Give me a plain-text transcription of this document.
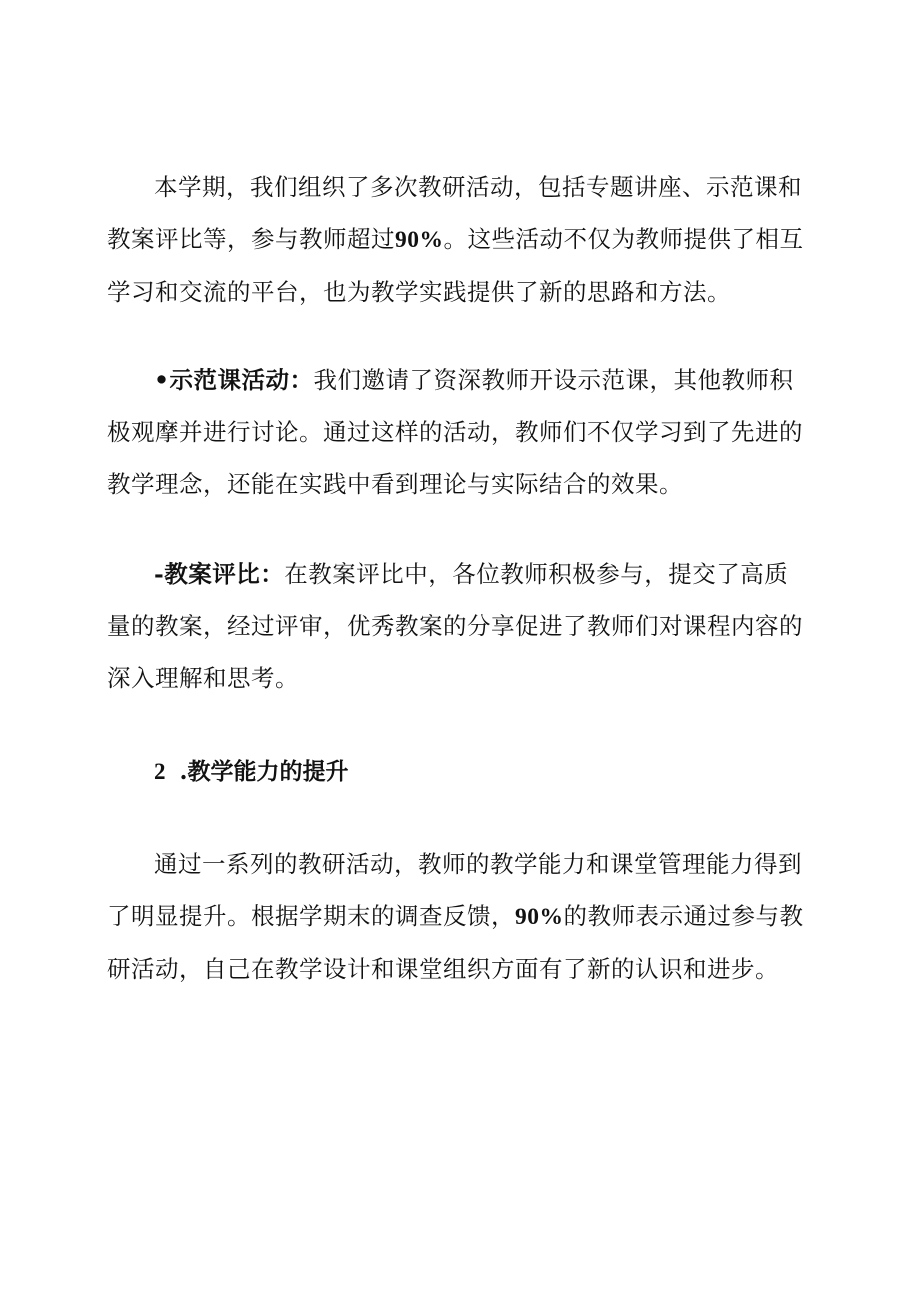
本学期，我们组织了多次教研活动，包括专题讲座、示范课和教案评比等，参与教师超过90%。这些活动不仅为教师提供了相互学习和交流的平台，也为教学实践提供了新的思路和方法。

•示范课活动：我们邀请了资深教师开设示范课，其他教师积极观摩并进行讨论。通过这样的活动，教师们不仅学习到了先进的教学理念，还能在实践中看到理论与实际结合的效果。

-教案评比：在教案评比中，各位教师积极参与，提交了高质量的教案，经过评审，优秀教案的分享促进了教师们对课程内容的深入理解和思考。

2 .教学能力的提升

通过一系列的教研活动，教师的教学能力和课堂管理能力得到了明显提升。根据学期末的调查反馈，90%的教师表示通过参与教研活动，自己在教学设计和课堂组织方面有了新的认识和进步。
